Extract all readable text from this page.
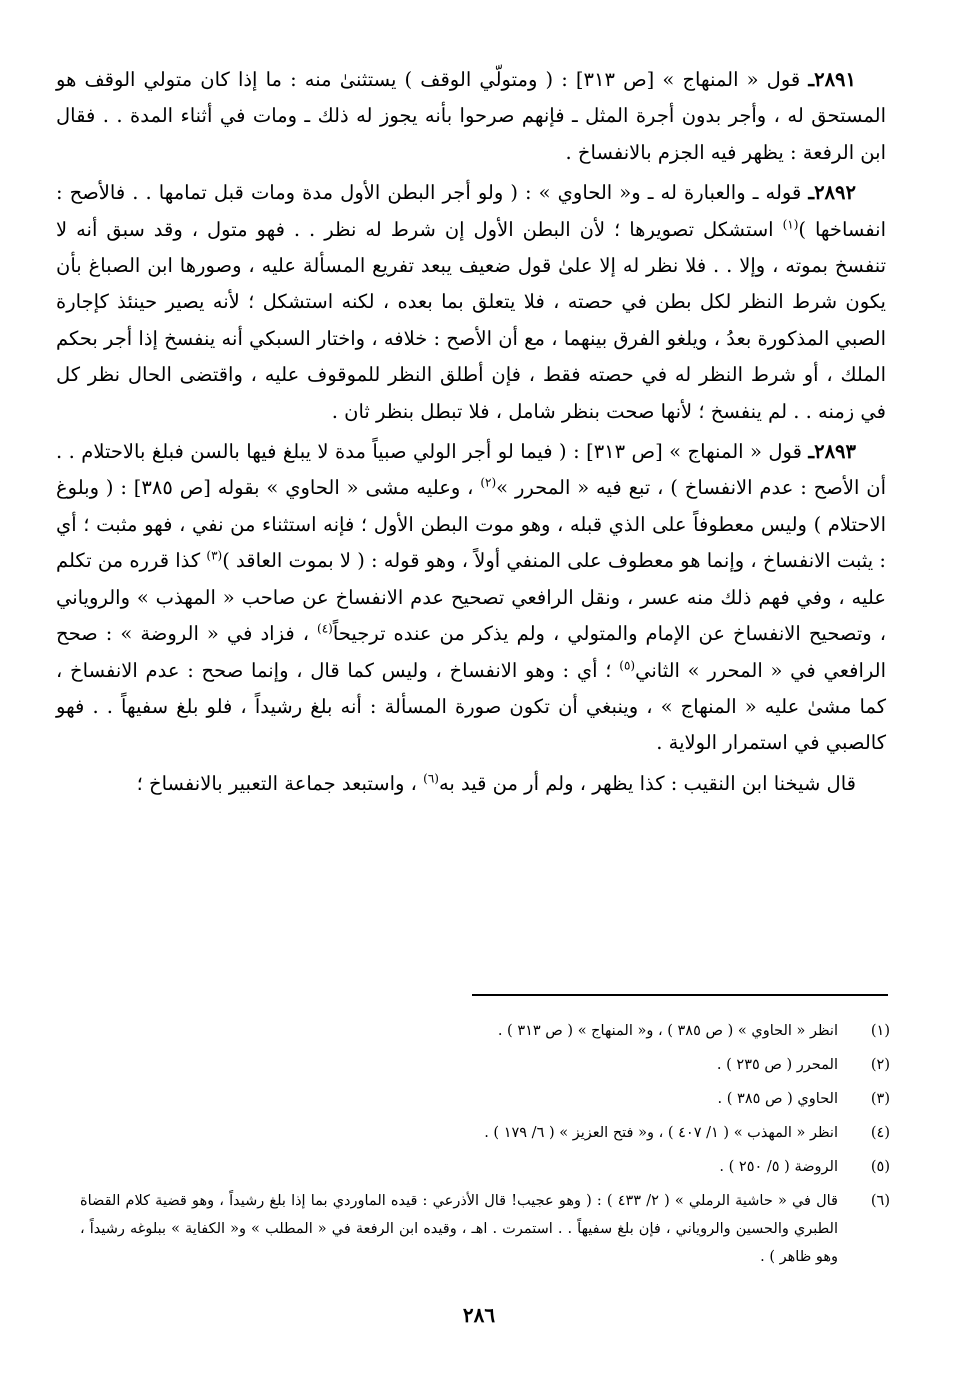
٢٨٩١ـ قول « المنهاج » [ص ٣١٣] : ( ومتولّي الوقف ) يستثنىٰ منه : ما إذا كان متولي الوقف هو المستحق له ، وأجر بدون أجرة المثل ـ فإنهم صرحوا بأنه يجوز له ذلك ـ ومات في أثناء المدة . . فقال ابن الرفعة : يظهر فيه الجزم بالانفساخ .

٢٨٩٢ـ قوله ـ والعبارة له ـ و« الحاوي » : ( ولو أجر البطن الأول مدة ومات قبل تمامها . . فالأصح : انفساخها )$^{(١)}$ استشكل تصويرها ؛ لأن البطن الأول إن شرط له نظر . . فهو متول ، وقد سبق أنه لا تنفسخ بموته ، وإلا . . فلا نظر له إلا علىٰ قول ضعيف يبعد تفريع المسألة عليه ، وصورها ابن الصباغ بأن يكون شرط النظر لكل بطن في حصته ، فلا يتعلق بما بعده ، لكنه استشكل ؛ لأنه يصير حينئذ كإجارة الصبي المذكورة بعدُ ، ويلغو الفرق بينهما ، مع أن الأصح : خلافه ، واختار السبكي أنه ينفسخ إذا أجر بحكم الملك ، أو شرط النظر له في حصته فقط ، فإن أطلق النظر للموقوف عليه ، واقتضى الحال نظر كل في زمنه . . لم ينفسخ ؛ لأنها صحت بنظر شامل ، فلا تبطل بنظر ثان .

٢٨٩٣ـ قول « المنهاج » [ص ٣١٣] : ( فيما لو أجر الولي صبياً مدة لا يبلغ فيها بالسن فبلغ بالاحتلام . . أن الأصح : عدم الانفساخ ) ، تبع فيه « المحرر »$^{(٢)}$ ، وعليه مشى « الحاوي » بقوله [ص ٣٨٥] : ( وبلوغ الاحتلام ) وليس معطوفاً على الذي قبله ، وهو موت البطن الأول ؛ فإنه استثناء من نفي ، فهو مثبت ؛ أي : يثبت الانفساخ ، وإنما هو معطوف على المنفي أولاً ، وهو قوله : ( لا بموت العاقد )$^{(٣)}$ كذا قرره من تكلم عليه ، وفي فهم ذلك منه عسر ، ونقل الرافعي تصحيح عدم الانفساخ عن صاحب « المهذب » والروياني ، وتصحيح الانفساخ عن الإمام والمتولي ، ولم يذكر من عنده ترجيحاً$^{(٤)}$ ، فزاد في « الروضة » : صحح الرافعي في « المحرر » الثاني$^{(٥)}$ ؛ أي : وهو الانفساخ ، وليس كما قال ، وإنما صحح : عدم الانفساخ ، كما مشىٰ عليه « المنهاج » ، وينبغي أن تكون صورة المسألة : أنه بلغ رشيداً ، فلو بلغ سفيهاً . . فهو كالصبي في استمرار الولاية .

قال شيخنا ابن النقيب : كذا يظهر ، ولم أر من قيد به$^{(٦)}$ ، واستبعد جماعة التعبير بالانفساخ ؛

(١)
انظر « الحاوي » ( ص ٣٨٥ ) ، و« المنهاج » ( ص ٣١٣ ) .
(٢)
المحرر ( ص ٢٣٥ ) .
(٣)
الحاوي ( ص ٣٨٥ ) .
(٤)
انظر « المهذب » ( ١/ ٤٠٧ ) ، و« فتح العزيز » ( ٦/ ١٧٩ ) .
(٥)
الروضة ( ٥/ ٢٥٠ ) .
(٦)
قال في « حاشية الرملي » ( ٢/ ٤٣٣ ) : ( وهو عجيب! قال الأذرعي : قيده الماوردي بما إذا بلغ رشيداً ، وهو قضية كلام القضاة الطبري والحسين والروياني ، فإن بلغ سفيهاً . . استمرت . اهـ ، وقيده ابن الرفعة في « المطلب » و« الكفاية » ببلوغه رشيداً ، وهو ظاهر ) .
٢٨٦
